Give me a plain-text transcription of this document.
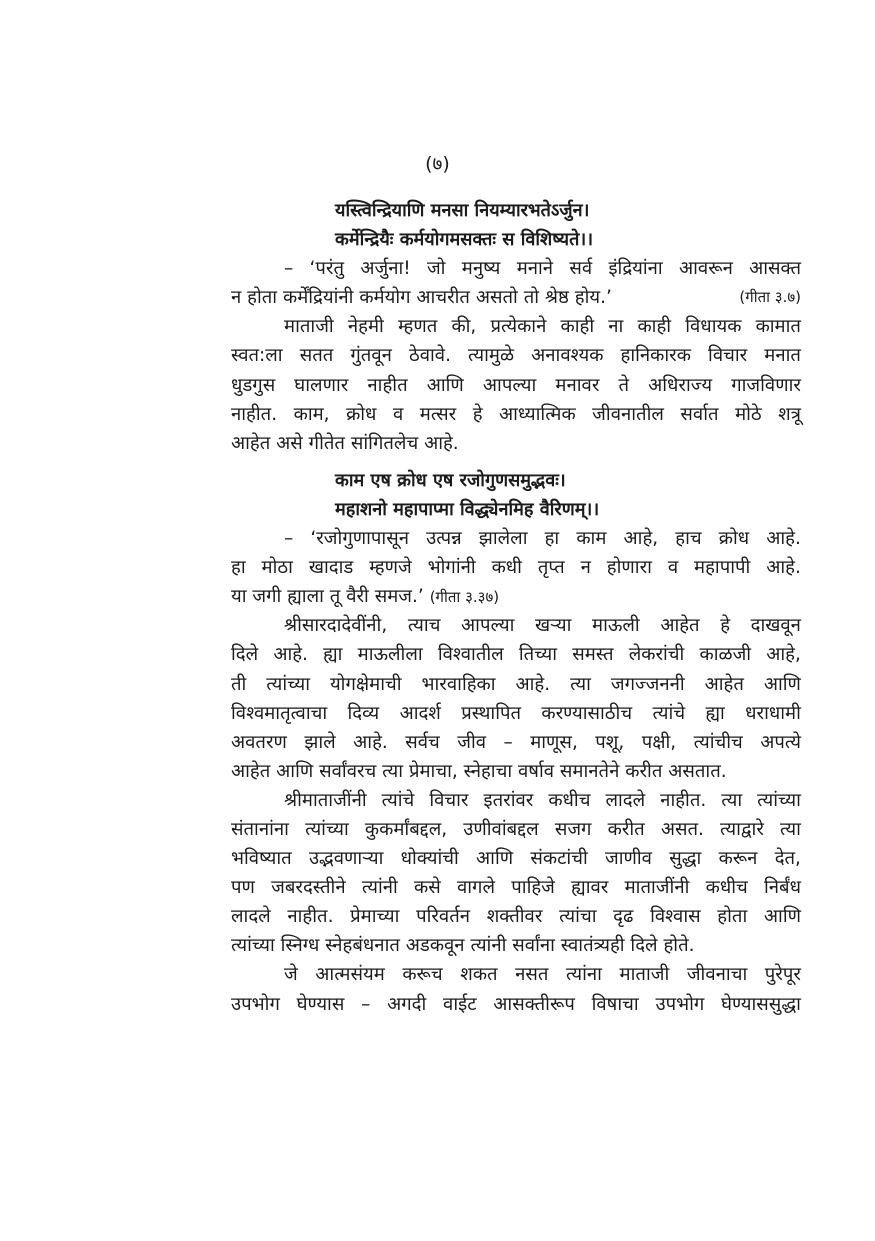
(७)
यस्त्विन्द्रियाणि मनसा नियम्यारभतेऽर्जुन।
कर्मेन्द्रियैः कर्मयोगमसक्तः स विशिष्यते।।
– ‘परंतु अर्जुना! जो मनुष्य मनाने सर्व इंद्रियांना आवरून आसक्त
न होता कर्मेंद्रियांनी कर्मयोग आचरीत असतो तो श्रेष्ठ होय.’	(गीता ३.७)
माताजी नेहमी म्हणत की, प्रत्येकाने काही ना काही विधायक कामात
स्वत:ला सतत गुंतवून ठेवावे. त्यामुळे अनावश्यक हानिकारक विचार मनात
धुडगुस घालणार नाहीत आणि आपल्या मनावर ते अधिराज्य गाजविणार
नाहीत. काम, क्रोध व मत्सर हे आध्यात्मिक जीवनातील सर्वात मोठे शत्रू
आहेत असे गीतेत सांगितलेच आहे.
काम एष क्रोध एष रजोगुणसमुद्भवः।
महाशनो महापाप्मा विद्ध्येनमिह वैरिणम्।।
– ‘रजोगुणापासून उत्पन्न झालेला हा काम आहे, हाच क्रोध आहे.
हा मोठा खादाड म्हणजे भोगांनी कधी तृप्त न होणारा व महापापी आहे.
या जगी ह्याला तू वैरी समज.’ (गीता ३.३७)
श्रीसारदादेवींनी, त्याच आपल्या खऱ्या माऊली आहेत हे दाखवून
दिले आहे. ह्या माऊलीला विश्वातील तिच्या समस्त लेकरांची काळजी आहे,
ती त्यांच्या योगक्षेमाची भारवाहिका आहे. त्या जगज्जननी आहेत आणि
विश्वमातृत्वाचा दिव्य आदर्श प्रस्थापित करण्यासाठीच त्यांचे ह्या धराधामी
अवतरण झाले आहे. सर्वच जीव – माणूस, पशू, पक्षी, त्यांचीच अपत्ये
आहेत आणि सर्वांवरच त्या प्रेमाचा, स्नेहाचा वर्षाव समानतेने करीत असतात.
श्रीमाताजींनी त्यांचे विचार इतरांवर कधीच लादले नाहीत. त्या त्यांच्या
संतानांना त्यांच्या कुकर्मांबद्दल, उणीवांबद्दल सजग करीत असत. त्याद्वारे त्या
भविष्यात उद्भवणाऱ्या धोक्यांची आणि संकटांची जाणीव सुद्धा करून देत,
पण जबरदस्तीने त्यांनी कसे वागले पाहिजे ह्यावर माताजींनी कधीच निर्बंध
लादले नाहीत. प्रेमाच्या परिवर्तन शक्तीवर त्यांचा दृढ विश्वास होता आणि
त्यांच्या स्निग्ध स्नेहबंधनात अडकवून त्यांनी सर्वांना स्वातंत्र्यही दिले होते.
जे आत्मसंयम करूच शकत नसत त्यांना माताजी जीवनाचा पुरेपूर
उपभोग घेण्यास – अगदी वाईट आसक्तीरूप विषाचा उपभोग घेण्याससुद्धा
